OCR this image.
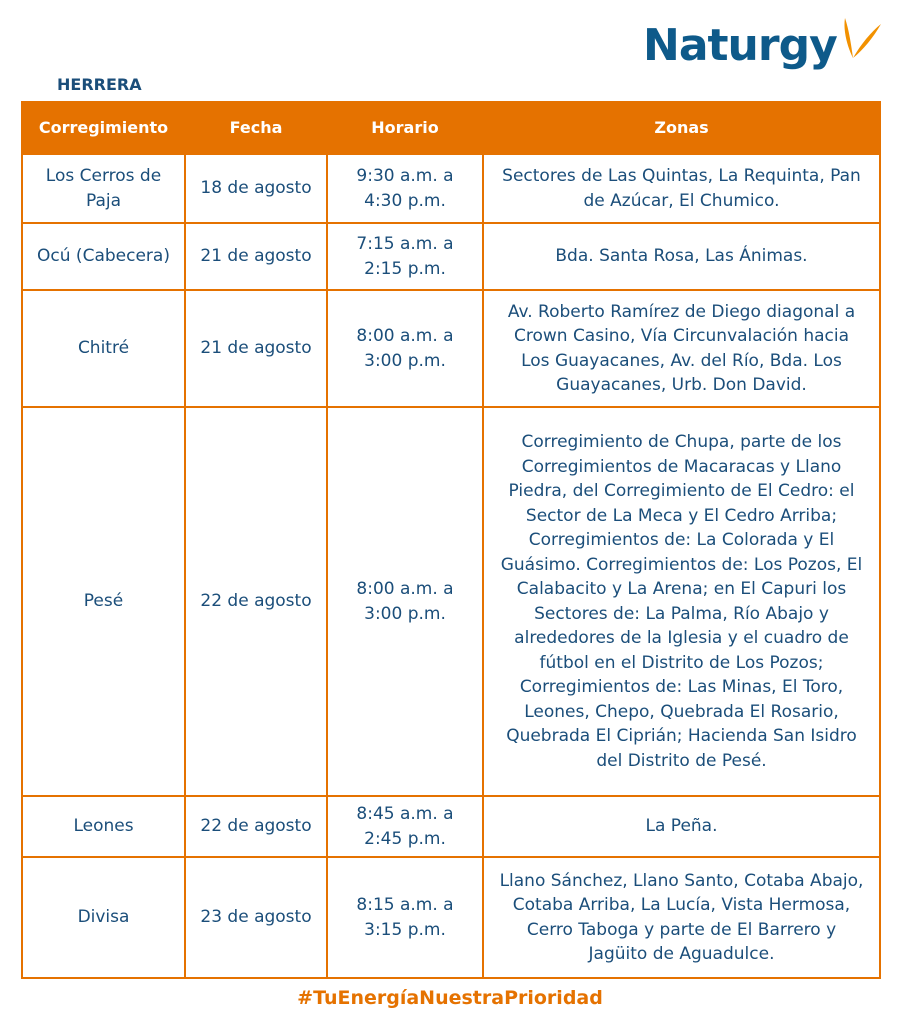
Naturgy
HERRERA
Corregimiento	Fecha	Horario	Zonas
Los Cerros de Paja	18 de agosto	9:30 a.m. a 4:30 p.m.	Sectores de Las Quintas, La Requinta, Pan de Azúcar, El Chumico.
Ocú (Cabecera)	21 de agosto	7:15 a.m. a 2:15 p.m.	Bda. Santa Rosa, Las Ánimas.
Chitré	21 de agosto	8:00 a.m. a 3:00 p.m.	Av. Roberto Ramírez de Diego diagonal a Crown Casino, Vía Circunvalación hacia Los Guayacanes, Av. del Río, Bda. Los Guayacanes, Urb. Don David.
Pesé	22 de agosto	8:00 a.m. a 3:00 p.m.	Corregimiento de Chupa, parte de los Corregimientos de Macaracas y Llano Piedra, del Corregimiento de El Cedro: el Sector de La Meca y El Cedro Arriba; Corregimientos de: La Colorada y El Guásimo. Corregimientos de: Los Pozos, El Calabacito y La Arena; en El Capuri los Sectores de: La Palma, Río Abajo y alrededores de la Iglesia y el cuadro de fútbol en el Distrito de Los Pozos; Corregimientos de: Las Minas, El Toro, Leones, Chepo, Quebrada El Rosario, Quebrada El Ciprián; Hacienda San Isidro del Distrito de Pesé.
Leones	22 de agosto	8:45 a.m. a 2:45 p.m.	La Peña.
Divisa	23 de agosto	8:15 a.m. a 3:15 p.m.	Llano Sánchez, Llano Santo, Cotaba Abajo, Cotaba Arriba, La Lucía, Vista Hermosa, Cerro Taboga y parte de El Barrero y Jagüito de Aguadulce.
#TuEnergíaNuestraPrioridad
